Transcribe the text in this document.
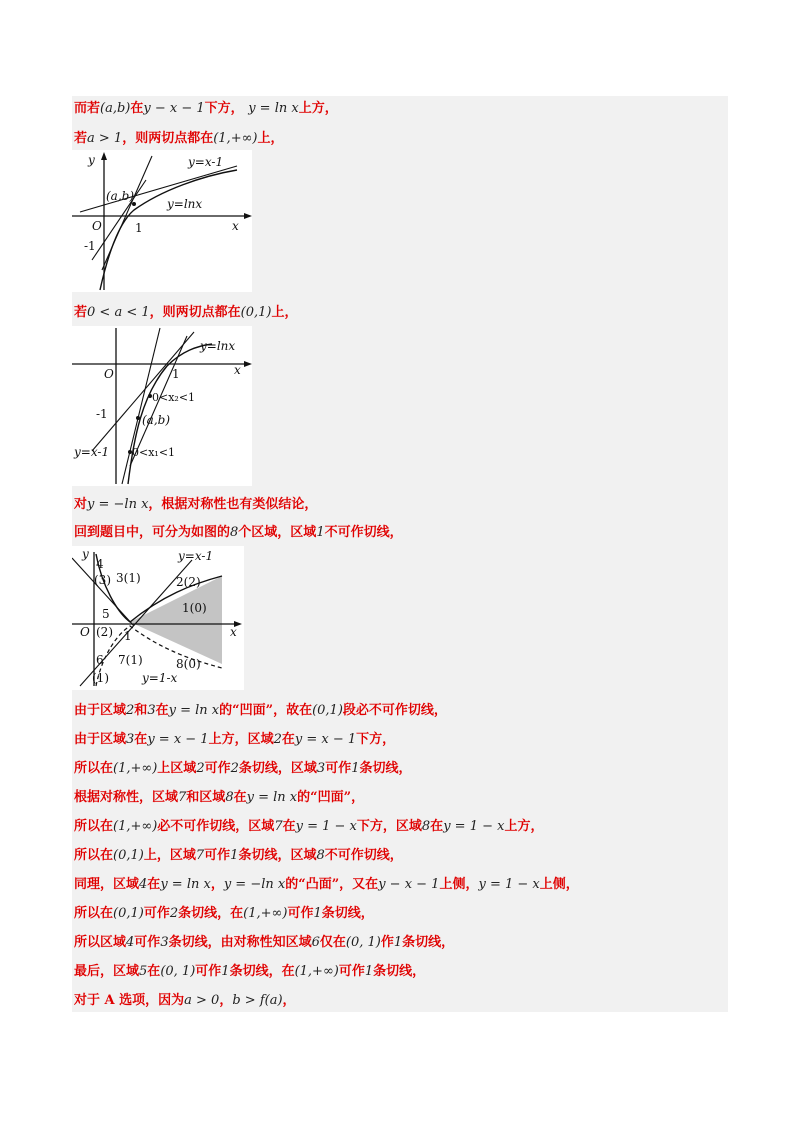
而若(a,b)在y − x − 1下方， y = ln x上方，
若a > 1，则两切点都在(1,+∞)上，
y	y=x-1
(a,b)
y=lnx
O	1
-1
x
若0 < a < 1，则两切点都在(0,1)上，
y=lnx
O	1	x
0<x₂<1
(a,b)
-1
y=x-1 0<x₁<1
对y = −ln x，根据对称性也有类似结论，
回到题目中，可分为如图的8个区域，区域1不可作切线，
y	y=x-1
4
(3) 3(1)	2(2)
1(0)
5
O (2) 1	x
6 7(1)	8(0)
(1)	y=1-x
由于区域2和3在y = ln x的“凹面”，故在(0,1)段必不可作切线，
由于区域3在y = x − 1上方，区域2在y = x − 1下方，
所以在(1,+∞)上区域2可作2条切线，区域3可作1条切线，
根据对称性，区域7和区域8在y = ln x的“凹面”，
所以在(1,+∞)必不可作切线，区域7在y = 1 − x下方，区域8在y = 1 − x上方，
所以在(0,1)上，区域7可作1条切线，区域8不可作切线，
同理，区域4在y = ln x，y = −ln x的“凸面”，又在y − x − 1上侧，y = 1 − x上侧，
所以在(0,1)可作2条切线，在(1,+∞)可作1条切线，
所以区域4可作3条切线，由对称性知区域6仅在(0, 1)作1条切线，
最后，区域5在(0, 1)可作1条切线，在(1,+∞)可作1条切线，
对于 A 选项，因为a > 0，b > f(a)，
